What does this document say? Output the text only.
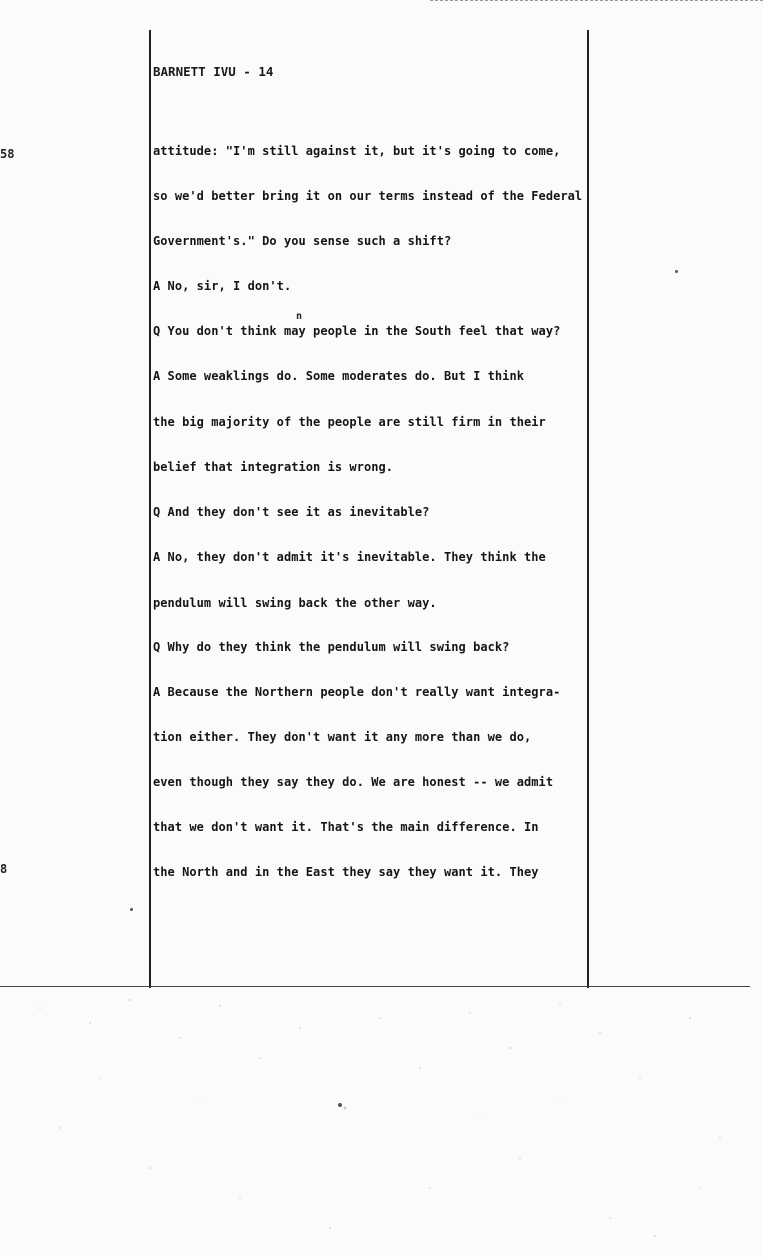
58
8
BARNETT IVU - 14
n
attitude: "I'm still against it, but it's going to come,
so we'd better bring it on our terms instead of the Federal
Government's." Do you sense such a shift?
A No, sir, I don't.
Q You don't think may people in the South feel that way?
A Some weaklings do. Some moderates do. But I think
the big majority of the people are still firm in their
belief that integration is wrong.
Q And they don't see it as inevitable?
A No, they don't admit it's inevitable. They think the
pendulum will swing back the other way.
Q Why do they think the pendulum will swing back?
A Because the Northern people don't really want integra-
tion either. They don't want it any more than we do,
even though they say they do. We are honest -- we admit
that we don't want it. That's the main difference. In
the North and in the East they say they want it. They
